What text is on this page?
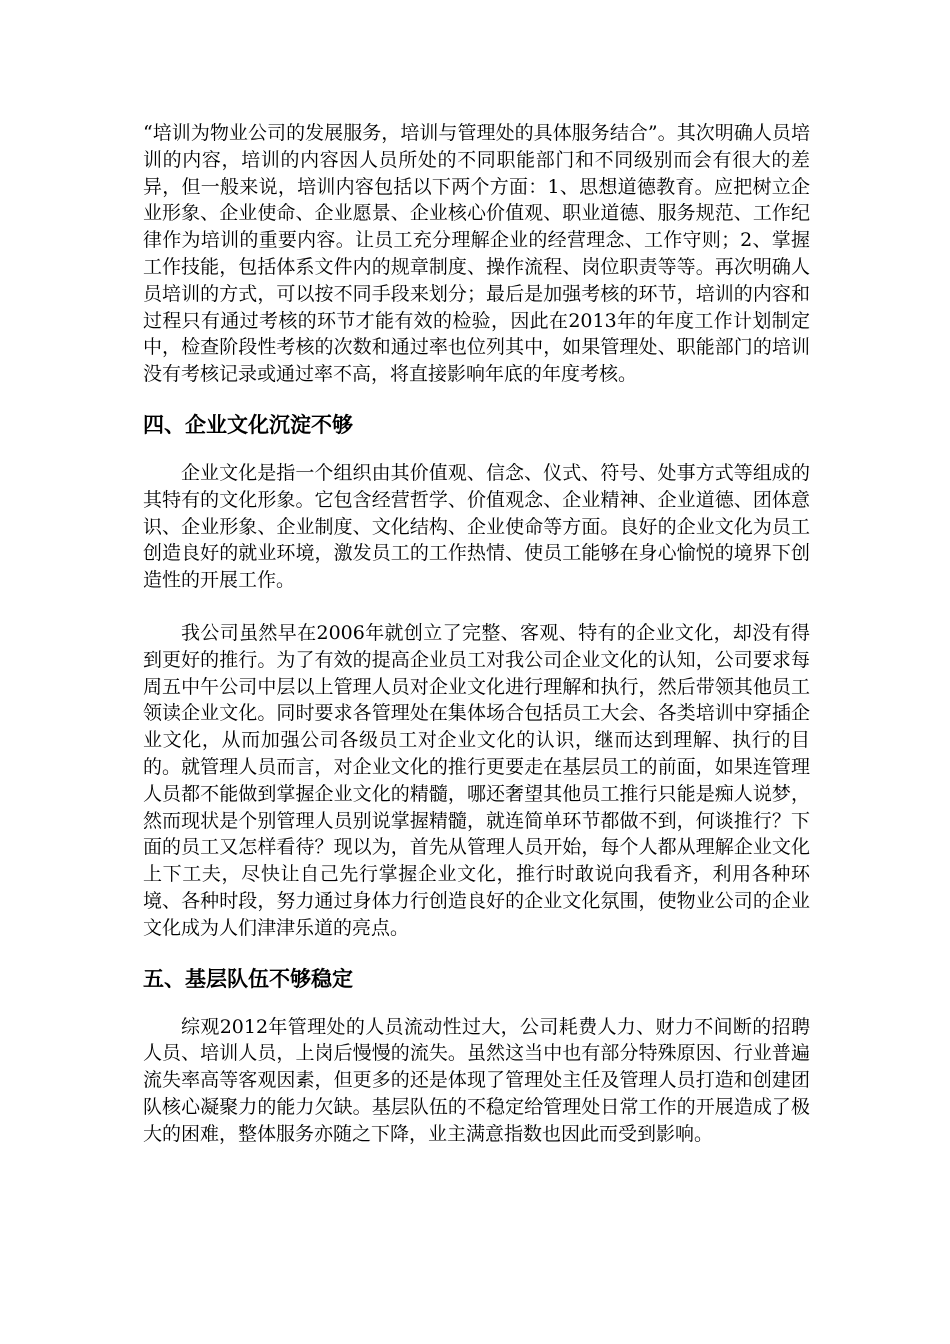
“培训为物业公司的发展服务，培训与管理处的具体服务结合”。其次明确人员培训的内容，培训的内容因人员所处的不同职能部门和不同级别而会有很大的差异，但一般来说，培训内容包括以下两个方面：1、思想道德教育。应把树立企业形象、企业使命、企业愿景、企业核心价值观、职业道德、服务规范、工作纪律作为培训的重要内容。让员工充分理解企业的经营理念、工作守则；2、掌握工作技能，包括体系文件内的规章制度、操作流程、岗位职责等等。再次明确人员培训的方式，可以按不同手段来划分；最后是加强考核的环节，培训的内容和过程只有通过考核的环节才能有效的检验，因此在2013年的年度工作计划制定中，检查阶段性考核的次数和通过率也位列其中，如果管理处、职能部门的培训没有考核记录或通过率不高，将直接影响年底的年度考核。

四、企业文化沉淀不够

企业文化是指一个组织由其价值观、信念、仪式、符号、处事方式等组成的其特有的文化形象。它包含经营哲学、价值观念、企业精神、企业道德、团体意识、企业形象、企业制度、文化结构、企业使命等方面。良好的企业文化为员工创造良好的就业环境，激发员工的工作热情、使员工能够在身心愉悦的境界下创造性的开展工作。

我公司虽然早在2006年就创立了完整、客观、特有的企业文化，却没有得到更好的推行。为了有效的提高企业员工对我公司企业文化的认知，公司要求每周五中午公司中层以上管理人员对企业文化进行理解和执行，然后带领其他员工领读企业文化。同时要求各管理处在集体场合包括员工大会、各类培训中穿插企业文化，从而加强公司各级员工对企业文化的认识，继而达到理解、执行的目的。就管理人员而言，对企业文化的推行更要走在基层员工的前面，如果连管理人员都不能做到掌握企业文化的精髓，哪还奢望其他员工推行只能是痴人说梦，然而现状是个别管理人员别说掌握精髓，就连简单环节都做不到，何谈推行？下面的员工又怎样看待？现以为，首先从管理人员开始，每个人都从理解企业文化上下工夫，尽快让自己先行掌握企业文化，推行时敢说向我看齐，利用各种环境、各种时段，努力通过身体力行创造良好的企业文化氛围，使物业公司的企业文化成为人们津津乐道的亮点。

五、基层队伍不够稳定

综观2012年管理处的人员流动性过大，公司耗费人力、财力不间断的招聘人员、培训人员，上岗后慢慢的流失。虽然这当中也有部分特殊原因、行业普遍流失率高等客观因素，但更多的还是体现了管理处主任及管理人员打造和创建团队核心凝聚力的能力欠缺。基层队伍的不稳定给管理处日常工作的开展造成了极大的困难，整体服务亦随之下降，业主满意指数也因此而受到影响。
